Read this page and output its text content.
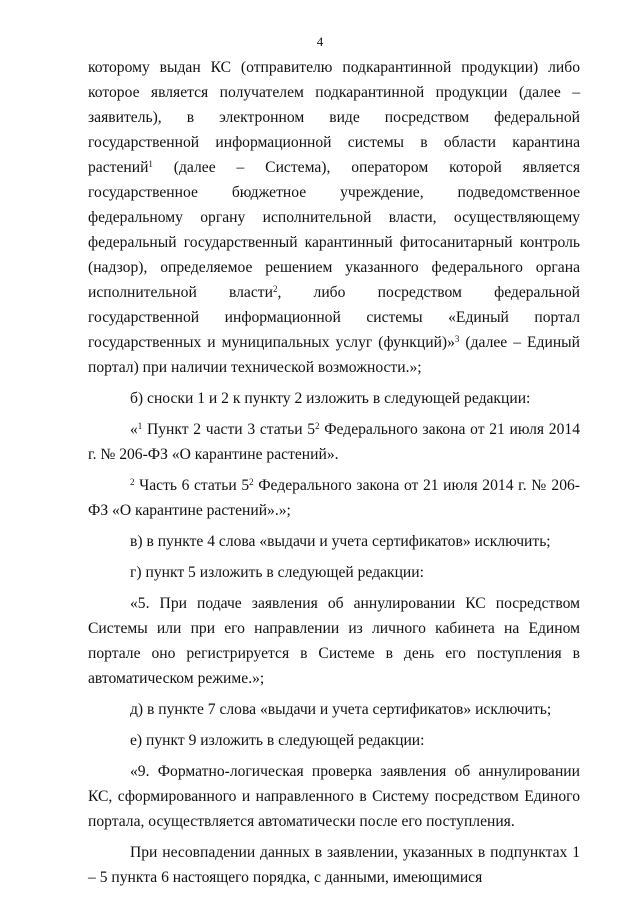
4

которому выдан КС (отправителю подкарантинной продукции) либо которое является получателем подкарантинной продукции (далее – заявитель), в электронном виде посредством федеральной государственной информационной системы в области карантина растений$^1$ (далее – Система), оператором которой является государственное бюджетное учреждение, подведомственное федеральному органу исполнительной власти, осуществляющему федеральный государственный карантинный фитосанитарный контроль (надзор), определяемое решением указанного федерального органа исполнительной власти$^2$, либо посредством федеральной государственной информационной системы «Единый портал государственных и муниципальных услуг (функций)»$^3$ (далее – Единый портал) при наличии технической возможности.»;

б) сноски 1 и 2 к пункту 2 изложить в следующей редакции:

«$^1$ Пункт 2 части 3 статьи $5^2$ Федерального закона от 21 июля 2014 г. № 206-ФЗ «О карантине растений».

$^2$ Часть 6 статьи $5^2$ Федерального закона от 21 июля 2014 г. № 206-ФЗ «О карантине растений».»;

в) в пункте 4 слова «выдачи и учета сертификатов» исключить;

г) пункт 5 изложить в следующей редакции:

«5. При подаче заявления об аннулировании КС посредством Системы или при его направлении из личного кабинета на Едином портале оно регистрируется в Системе в день его поступления в автоматическом режиме.»;

д) в пункте 7 слова «выдачи и учета сертификатов» исключить;

е) пункт 9 изложить в следующей редакции:

«9. Форматно-логическая проверка заявления об аннулировании КС, сформированного и направленного в Систему посредством Единого портала, осуществляется автоматически после его поступления.

При несовпадении данных в заявлении, указанных в подпунктах 1 – 5 пункта 6 настоящего порядка, с данными, имеющимися
